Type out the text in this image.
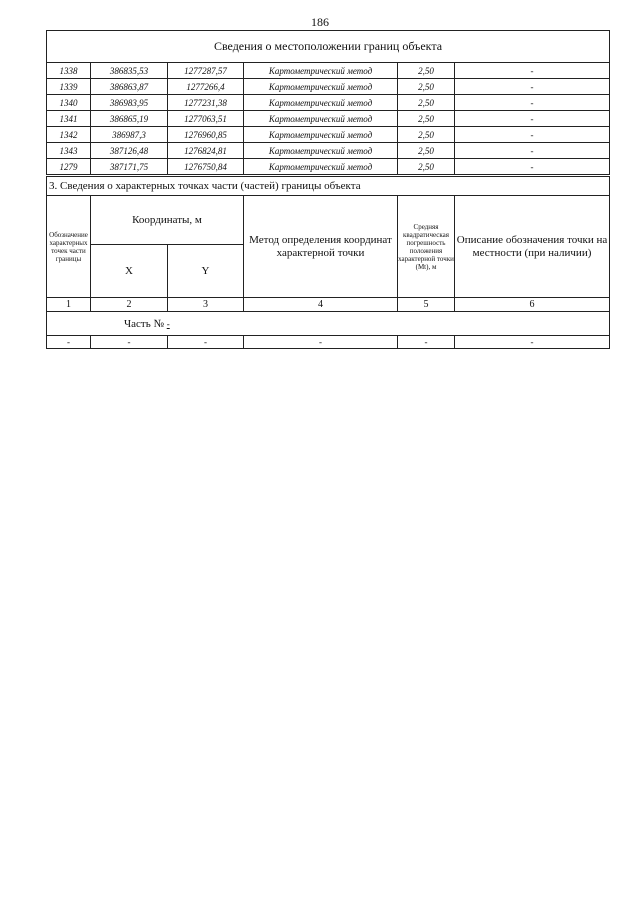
186
Сведения о местоположении границ объекта					
1338	386835,53	1277287,57	Картометрический метод	2,50	-
1339	386863,87	1277266,4	Картометрический метод	2,50	-
1340	386983,95	1277231,38	Картометрический метод	2,50	-
1341	386865,19	1277063,51	Картометрический метод	2,50	-
1342	386987,3	1276960,85	Картометрический метод	2,50	-
1343	387126,48	1276824,81	Картометрический метод	2,50	-
1279	387171,75	1276750,84	Картометрический метод	2,50	-
3. Сведения о характерных точках части (частей) границы объекта					
Обозначение характерных точек части границы	Координаты, м		Метод определения координат характерной точки	Средняя квадратическая погрешность положения характерной точки (Мt), м	Описание обозначения точки на местности (при наличии)
	X	Y			
1	2	3	4	5	6
Часть № -					
-	-	-	-	-	-
